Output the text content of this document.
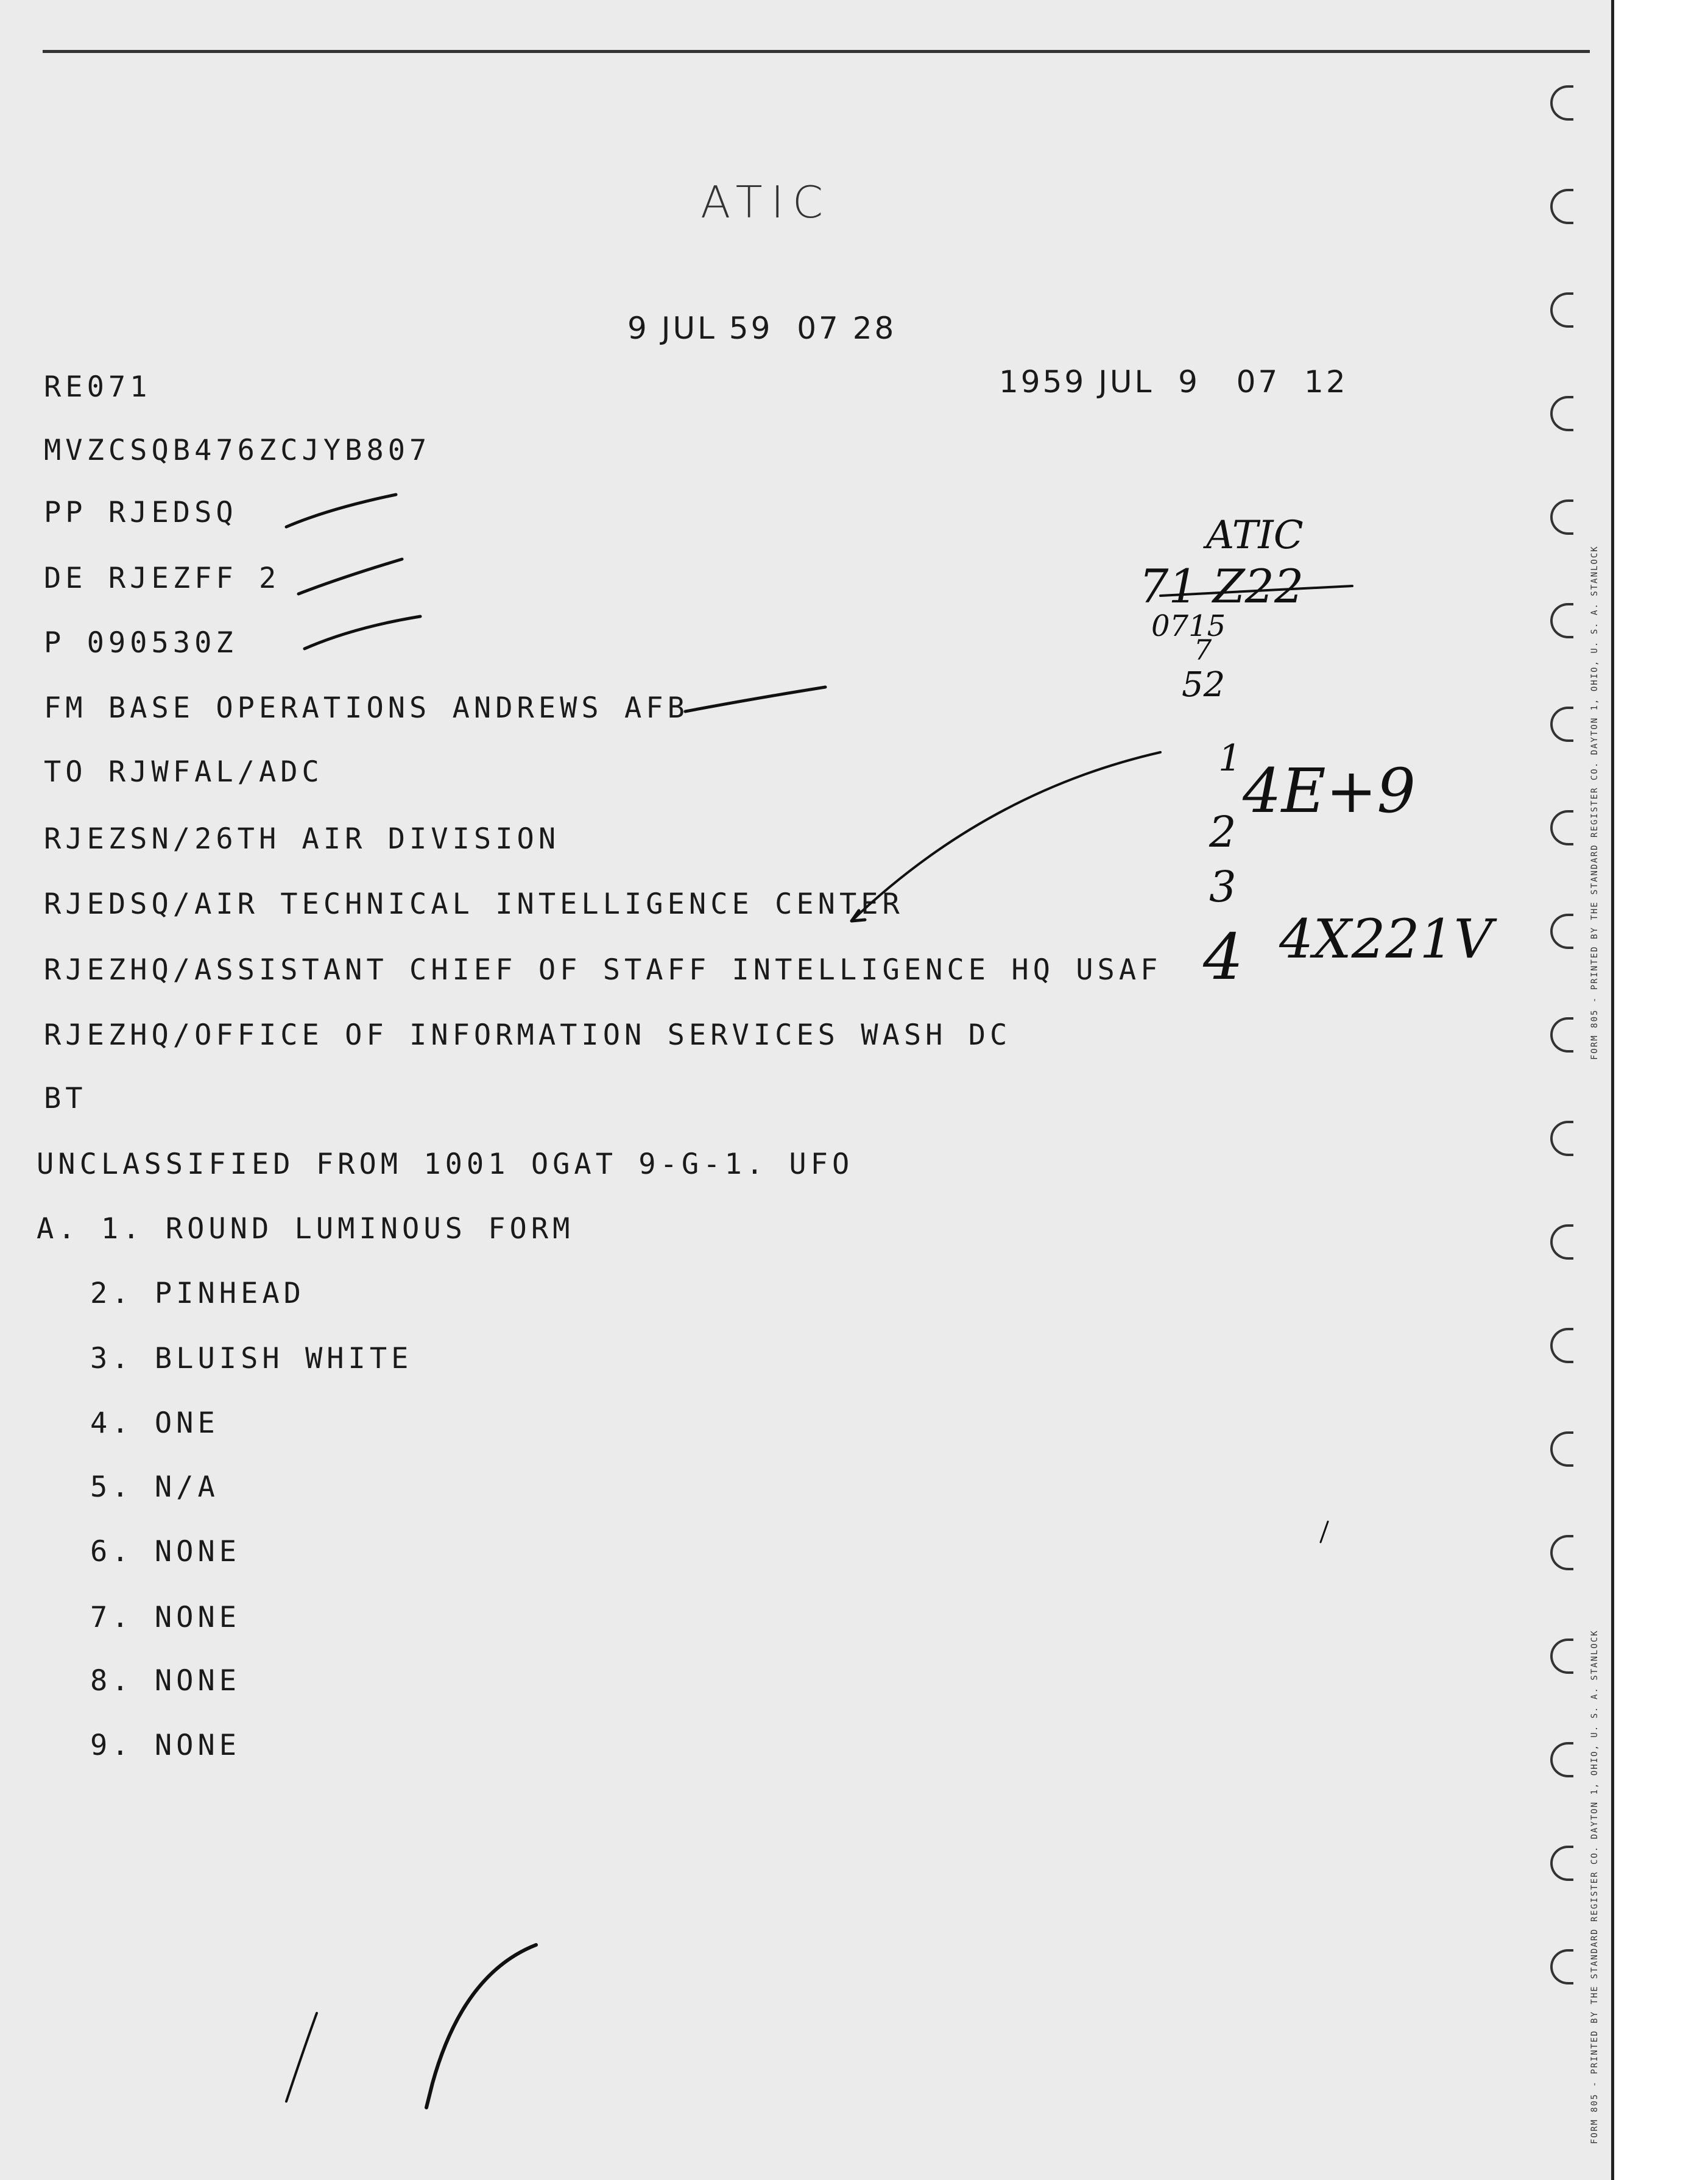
ATIC
9 JUL 59  07 28
1959 JUL  9   07  12
RE071
MVZCSQB476ZCJYB807
PP RJEDSQ
DE RJEZFF 2
P 090530Z
FM BASE OPERATIONS ANDREWS AFB
TO RJWFAL/ADC
RJEZSN/26TH AIR DIVISION
RJEDSQ/AIR TECHNICAL INTELLIGENCE CENTER
RJEZHQ/ASSISTANT CHIEF OF STAFF INTELLIGENCE HQ USAF
RJEZHQ/OFFICE OF INFORMATION SERVICES WASH DC
BT
UNCLASSIFIED FROM 1001 OGAT 9-G-1. UFO
A. 1. ROUND LUMINOUS FORM
2. PINHEAD
3. BLUISH WHITE
4. ONE
5. N/A
6. NONE
7. NONE
8. NONE
9. NONE
ATIC
71 Z22
0715
7
52
1 4E+9
2
3
4 4X221V	FORM 805 - PRINTED BY THE STANDARD REGISTER CO. DAYTON 1, OHIO, U. S. A. STANLOCK
FORM 805 - PRINTED BY THE STANDARD REGISTER CO. DAYTON 1, OHIO, U. S. A. STANLOCK
